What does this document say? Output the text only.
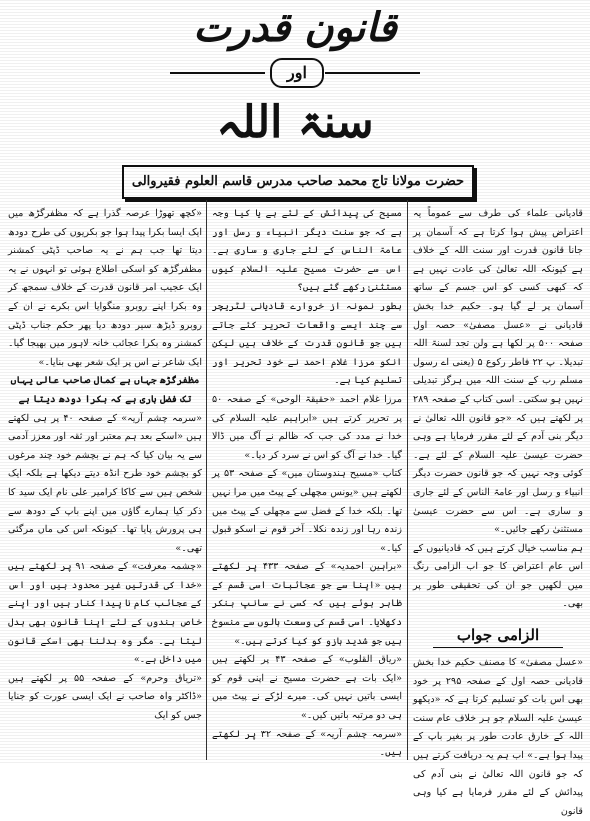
قانون قدرت
اور
سنۃ اللہ
حضرت مولانا تاج محمد صاحب مدرس قاسم العلوم فقیروالی

قادیانی علماء کی طرف سے عموماً یہ اعتراض پیش ہوا کرتا ہے کہ آسمان پر جانا قانون قدرت اور سنت اللہ کے خلاف ہے کیونکہ اللہ تعالیٰ کی عادت نہیں ہے کہ کبھی کسی کو اس جسم کے ساتھ آسمان پر لے گیا ہو۔ حکیم خدا بخش قادیانی نے «عسل مصفیٰ» حصہ اول صفحہ ۵۰۰ پر لکھا ہے ولن تجد لسنۃ اللہ تبدیلا۔ پ ۲۲ فاطر رکوع ۵ (یعنی اے رسول مسلم رب کے سنت اللہ میں ہرگز تبدیلی نہیں ہو سکتی۔ اسی کتاب کے صفحہ ۲۸۹ پر لکھتے ہیں کہ «جو قانون اللہ تعالیٰ نے دیگر بنی آدم کے لئے مقرر فرمایا ہے وہی حضرت عیسیٰ علیہ السلام کے لئے ہے۔ کوئی وجہ نہیں کہ جو قانون حضرت دیگر انبیاء و رسل اور عامۃ الناس کے لئے جاری و ساری ہے۔ اس سے حضرت عیسیٰ مستثنیٰ رکھے جائیں۔»

ہم مناسب خیال کرتے ہیں کہ قادیانیوں کے اس عام اعتراض کا جو اب الزامی رنگ میں لکھیں جو ان کی تحقیقی طور پر بھی۔

الزامی جواب

«عسل مصفیٰ» کا مصنف حکیم خدا بخش قادیانی حصہ اول کے صفحہ ۲۹۵ پر خود بھی اس بات کو تسلیم کرتا ہے کہ «دیکھو عیسیٰ علیہ السلام جو ہر خلاف عام سنت اللہ کے خارق عادت طور پر بغیر باپ کے پیدا ہوا ہے۔» اب ہم یہ دریافت کرتے ہیں کہ جو قانون اللہ تعالیٰ نے بنی آدم کی پیدائش کے لئے مقرر فرمایا ہے کیا وہی قانون

مسیح کی پیدائش کے لئے ہے یا کیا وجہ ہے کہ جو سنت دیگر انبیاء و رسل اور عامۃ الناس کے لئے جاری و ساری ہے۔ اس سے حضرت مسیح علیہ السلام کیوں مستثنیٰ رکھے گئے ہیں؟

بطور نمونہ از خروارے قادیانی لٹریچر سے چند ایسے واقعات تحریر کئے جاتے ہیں جو قانون قدرت کے خلاف ہیں لیکن انکو مرزا غلام احمد نے خود تحریر اور تسلیم کیا ہے۔

مرزا غلام احمد «حقیقۃ الوحی» کے صفحہ ۵۰ پر تحریر کرتے ہیں «ابراہیم علیہ السلام کی خدا نے مدد کی جب کہ ظالم نے آگ میں ڈالا گیا۔ خدا نے آگ کو اس نے سرد کر دیا۔»

کتاب «مسیح ہندوستان میں» کے صفحہ ۵۳ پر لکھتے ہیں «یونس مچھلی کے پیٹ میں مرا نہیں تھا۔ بلکہ خدا کے فضل سے مچھلی کے پیٹ میں زندہ رہا اور زندہ نکلا۔ آخر قوم نے اسکو قبول کیا۔»

«براہین احمدیہ» کے صفحہ ۴۳۳ پر لکھتے ہیں «اپنا سے جو عجائبات اسی قسم کے ظاہر ہوئے ہیں کہ کسی نے سانپ بنکر دکھلایا۔ اسی قسم کی وسعت بالوں سے منسوخ ہیں جو شدید بازو کو کیا کرتے ہیں۔»

«ریاق القلوب» کے صفحہ ۴۳ پر لکھتے ہیں «ایک بات ہے حضرت مسیح نے اپنی قوم کو ایسی باتیں نہیں کی۔ میرے لڑکے نے پیٹ میں ہی دو مرتبہ باتیں کیں۔»

«سرمہ چشم آریہ» کے صفحہ ۳۲ پر لکھتے ہیں۔

«کچھ تھوڑا عرصہ گذرا ہے کہ مظفرگڑھ میں ایک ایسا بکرا پیدا ہوا جو بکریوں کی طرح دودھ دیتا تھا جب ہم نے یہ صاحب ڈپٹی کمشنر مظفرگڑھ کو اسکی اطلاع ہوئی تو انہوں نے یہ ایک عجیب امر قانون قدرت کے خلاف سمجھ کر وہ بکرا اپنے روبرو منگوایا اس بکرے نے ان کے روبرو ڈیڑھ سیر دودھ دیا پھر حکم جناب ڈپٹی کمشنر وہ بکرا عجائب خانہ لاہور میں بھیجا گیا۔ ایک شاعر نے اس پر ایک شعر بھی بنایا۔»

مظفرگڑھ جہاں ہے کمال صاحب عالی یہاں تک فضل باری ہے کہ بکرا دودھ دیتا ہے

«سرمہ چشم آریہ» کے صفحہ ۴۰ پر ہی لکھتے ہیں «اسکے بعد ہم معتبر اور ثقہ اور معزز آدمی سے یہ بیان کیا کہ ہم نے بچشم خود چند مرغوں کو بچشم خود طرح انڈہ دیتے دیکھا ہے بلکہ ایک شخص ہیں سے کاکا کرامیر علی نام ایک سید کا ذکر کیا ہمارے گاؤں میں اپنے باپ کے دودھ سے ہی پرورش پایا تھا۔ کیونکہ اس کی ماں مرگئی تھی۔»

«چشمہ معرفت» کے صفحہ ۹۱ پر لکھتے ہیں «خدا کی قدرتیں غیر محدود ہیں اور اس کے عجائب کام نا پیدا کنار ہیں اور اپنے خاص بندوں کے لئے اپنا قانون بھی بدل لیتا ہے۔ مگر وہ بدلنا بھی اسکے قانون میں داخل ہے۔»

«تریاق وحرم» کے صفحہ ۵۵ پر لکھتے ہیں «ڈاکٹر واہ صاحب نے ایک ایسی عورت کو جنایا جس کو ایک
